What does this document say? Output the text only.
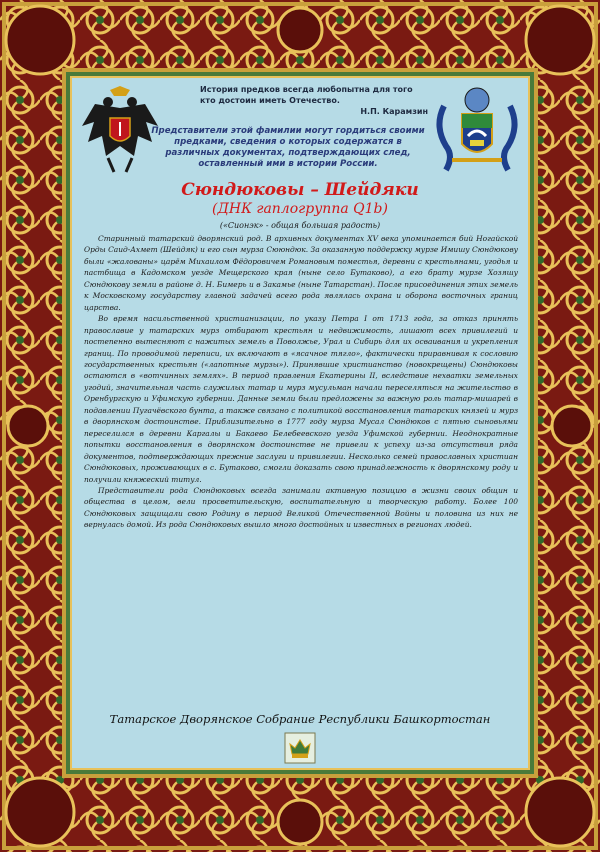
История предков всегда любопытна для того кто достоин иметь Отечество.
Н.П. Карамзин
Представители этой фамилии могут гордиться своими предками, сведения о которых содержатся в различных документах, подтверждающих след, оставленный ими в истории России.
Сюндюковы – Шейдяки
(ДНК гаплогруппа Q1b)
(«Сионэк» - общая большая радость)

Старинный татарский дворянский род. В архивных документах XV века упоминается бий Ногайской Орды Саид-Ахмет (Шейдяк) и его сын мурза Сююндюк. За оказанную поддержку мурзе Имишу Сюндюкову были «жалованы» царём Михаилом Фёдоровичем Романовым поместья, деревни с крестьянами, угодья и пастбища в Кадомском уезде Мещерского края (ныне село Бутаково), а его брату мурзе Хозяшу Сюндюкову земли в районе д. Н. Бимерь и в Закамье (ныне Татарстан). После присоединения этих земель к Московскому государству главной задачей всего рода являлась охрана и оборона восточных границ царства.

Во время насильственной христианизации, по указу Петра I от 1713 года, за отказ принять православие у татарских мурз отбирают крестьян и недвижимость, лишают всех привилегий и постепенно вытесняют с нажитых земель в Поволжье, Урал и Сибирь для их осваивания и укрепления границ. По проводимой переписи, их включают в «ясачное тягло», фактически приравнивая к сословию государственных крестьян («лапотные мурзы»). Принявшие христианство (новокрещены) Сюндюковы остаются в «вотчинных землях». В период правления Екатерины II, вследствие нехватки земельных угодий, значительная часть служилых татар и мурз мусульман начали переселяться на жительство в Оренбургскую и Уфимскую губернии. Данные земли были предложены за важную роль татар-мишарей в подавлении Пугачёвского бунта, а также связано с политикой восстановления татарских князей и мурз в дворянском достоинстве. Приблизительно в 1777 году мурза Мусал Сюндюков с пятью сыновьями переселился в деревни Каргалы и Бакаево Белебеевского уезда Уфимской губернии. Неоднократные попытки восстановления в дворянском достоинстве не привели к успеху из-за отсутствия ряда документов, подтверждающих прежние заслуги и привилегии. Несколько семей православных христиан Сюндюковых, проживающих в с. Бутаково, смогли доказать свою принадлежность к дворянскому роду и получили княжеский титул.

Представители рода Сюндюковых всегда занимали активную позицию в жизни своих общин и общества в целом, вели просветительскую, воспитательную и творческую работу. Более 100 Сюндюковых защищали свою Родину в период Великой Отечественной Войны и половина из них не вернулась домой. Из рода Сюндюковых вышло много достойных и известных в регионах людей.

Татарское Дворянское Собрание Республики Башкортостан
